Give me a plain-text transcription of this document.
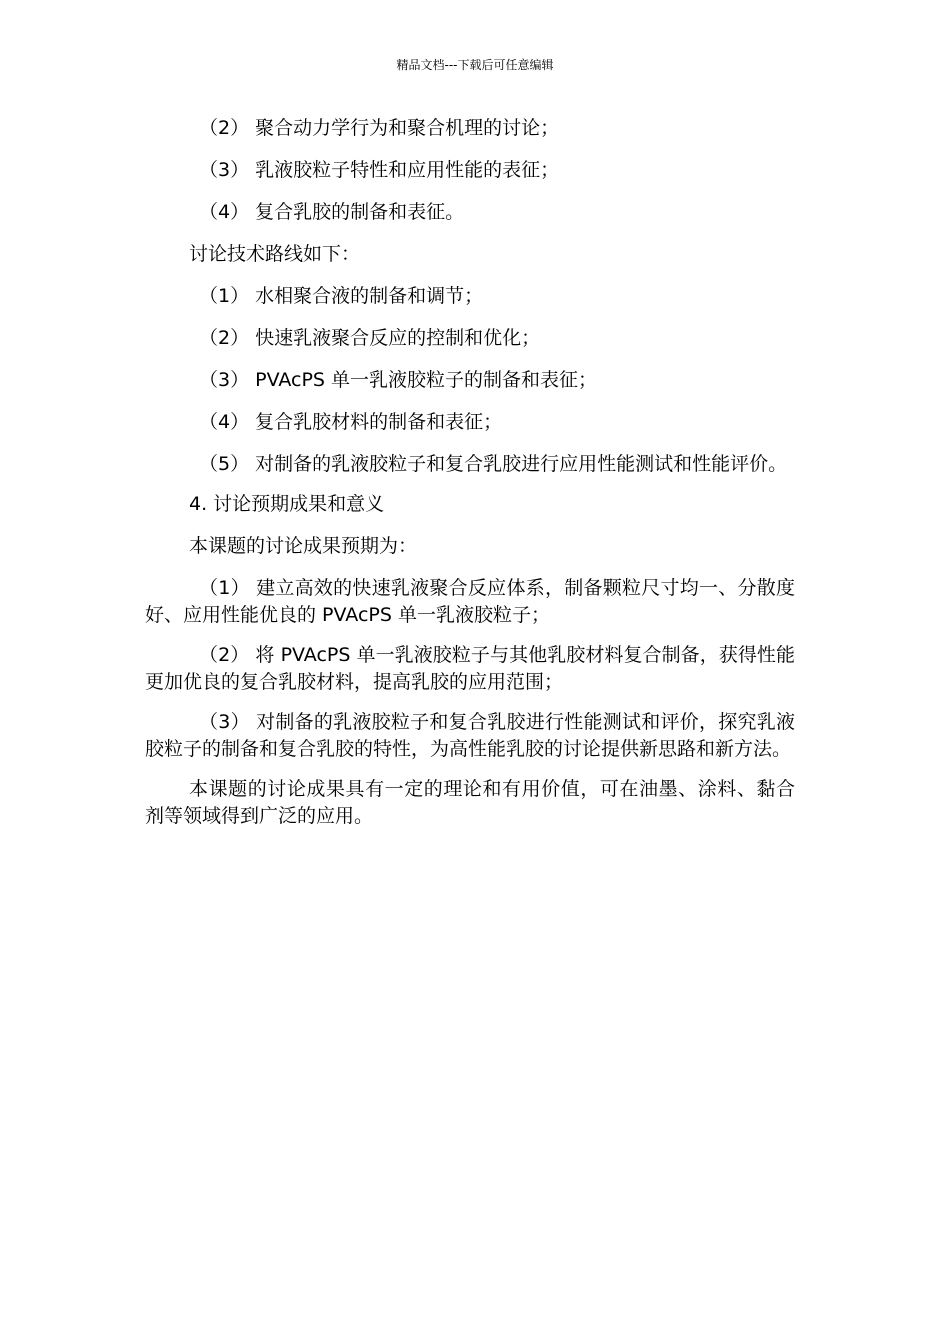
精品文档---下载后可任意编辑
（2） 聚合动力学行为和聚合机理的讨论；
（3） 乳液胶粒子特性和应用性能的表征；
（4） 复合乳胶的制备和表征。
讨论技术路线如下：
（1） 水相聚合液的制备和调节；
（2） 快速乳液聚合反应的控制和优化；
（3） PVAcPS 单一乳液胶粒子的制备和表征；
（4） 复合乳胶材料的制备和表征；
（5） 对制备的乳液胶粒子和复合乳胶进行应用性能测试和性能评价。
4. 讨论预期成果和意义
本课题的讨论成果预期为：
（1） 建立高效的快速乳液聚合反应体系，制备颗粒尺寸均一、分散度好、应用性能优良的 PVAcPS 单一乳液胶粒子；
（2） 将 PVAcPS 单一乳液胶粒子与其他乳胶材料复合制备，获得性能更加优良的复合乳胶材料，提高乳胶的应用范围；
（3） 对制备的乳液胶粒子和复合乳胶进行性能测试和评价，探究乳液胶粒子的制备和复合乳胶的特性，为高性能乳胶的讨论提供新思路和新方法。
本课题的讨论成果具有一定的理论和有用价值，可在油墨、涂料、黏合剂等领域得到广泛的应用。
